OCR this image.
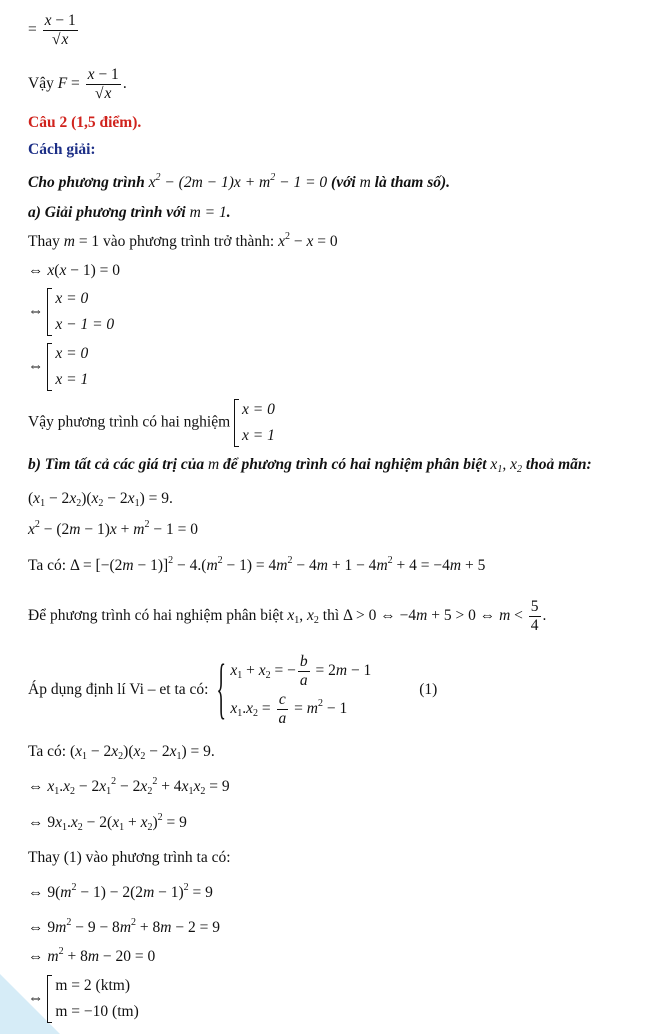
= $\frac{x - 1}{√x}$
Vậy $F = \frac{x - 1}{√x}$ .
Câu 2 (1,5 điểm).
Cách giải:
Cho phương trình $x^2 - (2m - 1)x + m^2 - 1 = 0$ (với m là tham số).
a) Giải phương trình với m = 1.
Thay m = 1 vào phương trình trở thành: $x^2 - x = 0$
⇔ x(x − 1) = 0
⇔
x = 0
x − 1 = 0
⇔
x = 0
x = 1
Vậy phương trình có hai nghiệm
x = 0
x = 1
b) Tìm tất cả các giá trị của m để phương trình có hai nghiệm phân biệt $x_1$, $x_2$ thoả mãn:
$(x_1 - 2x_2)(x_2 - 2x_1) = 9$.
$x^2 - (2m - 1)x + m^2 - 1 = 0$
Ta có: $\Delta = [-(2m - 1)]^2 - 4.(m^2 - 1) = 4m^2 - 4m + 1 - 4m^2 + 4 = -4m + 5$
Để phương trình có hai nghiệm phân biệt $x_1$, $x_2$ thì Δ > 0 ⇔ −4m + 5 > 0 ⇔ $m < \frac{5}{4}$ .
Áp dụng định lí Vi – et ta có:
{ $x_1 + x_2$ = − $\frac{b}{a} = 2m - 1$
$x_1.x_2 = \frac{c}{a} = m^2 - 1$
(1)
Ta có: $(x_1 - 2x_2)(x_2 - 2x_1) = 9$.
⇔ $x_1.x_2 - 2x_1^2 - 2x_2^2 + 4x_1x_2 = 9$
⇔ $9x_1.x_2 - 2(x_1 + x_2)^2 = 9$
Thay (1) vào phương trình ta có:
⇔ $9(m^2 - 1) - 2(2m - 1)^2 = 9$
⇔ $9m^2 - 9 - 8m^2 + 8m - 2 = 9$
⇔ $m^2 + 8m - 20 = 0$
⇔
m = 2 (ktm)
m = −10 (tm)
